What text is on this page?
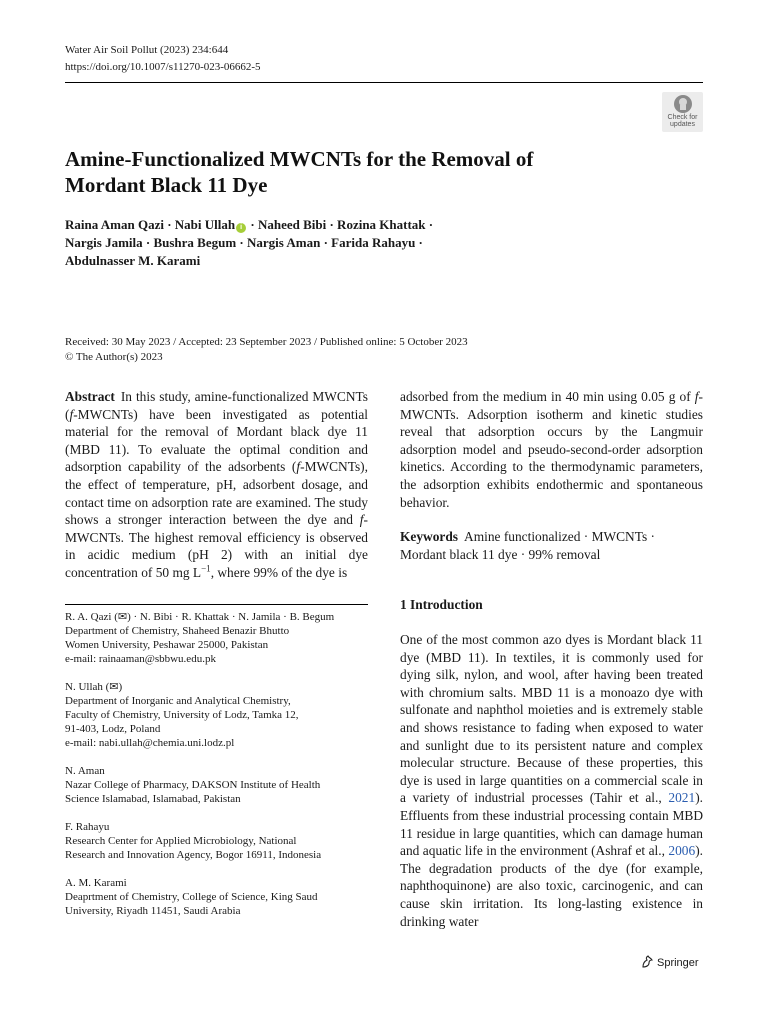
Water Air Soil Pollut (2023) 234:644
https://doi.org/10.1007/s11270-023-06662-5
Check for
updates
Amine-Functionalized MWCNTs for the Removal of Mordant Black 11 Dye
Raina Aman Qazi · Nabi Ullah i · Naheed Bibi · Rozina Khattak ·
Nargis Jamila · Bushra Begum · Nargis Aman · Farida Rahayu ·
Abdulnasser M. Karami
Received: 30 May 2023 / Accepted: 23 September 2023 / Published online: 5 October 2023
© The Author(s) 2023
Abstract In this study, amine-functionalized MWCNTs (f-MWCNTs) have been investigated as potential material for the removal of Mordant black dye 11 (MBD 11). To evaluate the optimal condition and adsorption capability of the adsorbents (f-MWCNTs), the effect of temperature, pH, adsorbent dosage, and contact time on adsorption rate are examined. The study shows a stronger interaction between the dye and f-MWCNTs. The highest removal efficiency is observed in acidic medium (pH 2) with an initial dye concentration of 50 mg $L^{-1}$, where 99% of the dye is
adsorbed from the medium in 40 min using 0.05 g of f-MWCNTs. Adsorption isotherm and kinetic studies reveal that adsorption occurs by the Langmuir adsorption model and pseudo-second-order adsorption kinetics. According to the thermodynamic parameters, the adsorption exhibits endothermic and spontaneous behavior.
Keywords Amine functionalized · MWCNTs · Mordant black 11 dye · 99% removal
R. A. Qazi (✉) · N. Bibi · R. Khattak · N. Jamila · B. Begum
Department of Chemistry, Shaheed Benazir Bhutto
Women University, Peshawar 25000, Pakistan
e-mail: rainaaman@sbbwu.edu.pk
N. Ullah (✉)
Department of Inorganic and Analytical Chemistry,
Faculty of Chemistry, University of Lodz, Tamka 12,
91-403, Lodz, Poland
e-mail: nabi.ullah@chemia.uni.lodz.pl
N. Aman
Nazar College of Pharmacy, DAKSON Institute of Health
Science Islamabad, Islamabad, Pakistan
F. Rahayu
Research Center for Applied Microbiology, National
Research and Innovation Agency, Bogor 16911, Indonesia
A. M. Karami
Deaprtment of Chemistry, College of Science, King Saud
University, Riyadh 11451, Saudi Arabia
1 Introduction
One of the most common azo dyes is Mordant black 11 dye (MBD 11). In textiles, it is commonly used for dying silk, nylon, and wool, after having been treated with chromium salts. MBD 11 is a monoazo dye with sulfonate and naphthol moieties and is extremely stable and shows resistance to fading when exposed to water and sunlight due to its persistent nature and complex molecular structure. Because of these properties, this dye is used in large quantities on a commercial scale in a variety of industrial processes (Tahir et al., 2021). Effluents from these industrial processing contain MBD 11 residue in large quantities, which can damage human and aquatic life in the environment (Ashraf et al., 2006). The degradation products of the dye (for example, naphthoquinone) are also toxic, carcinogenic, and can cause skin irritation. Its long-lasting existence in drinking water
Springer
